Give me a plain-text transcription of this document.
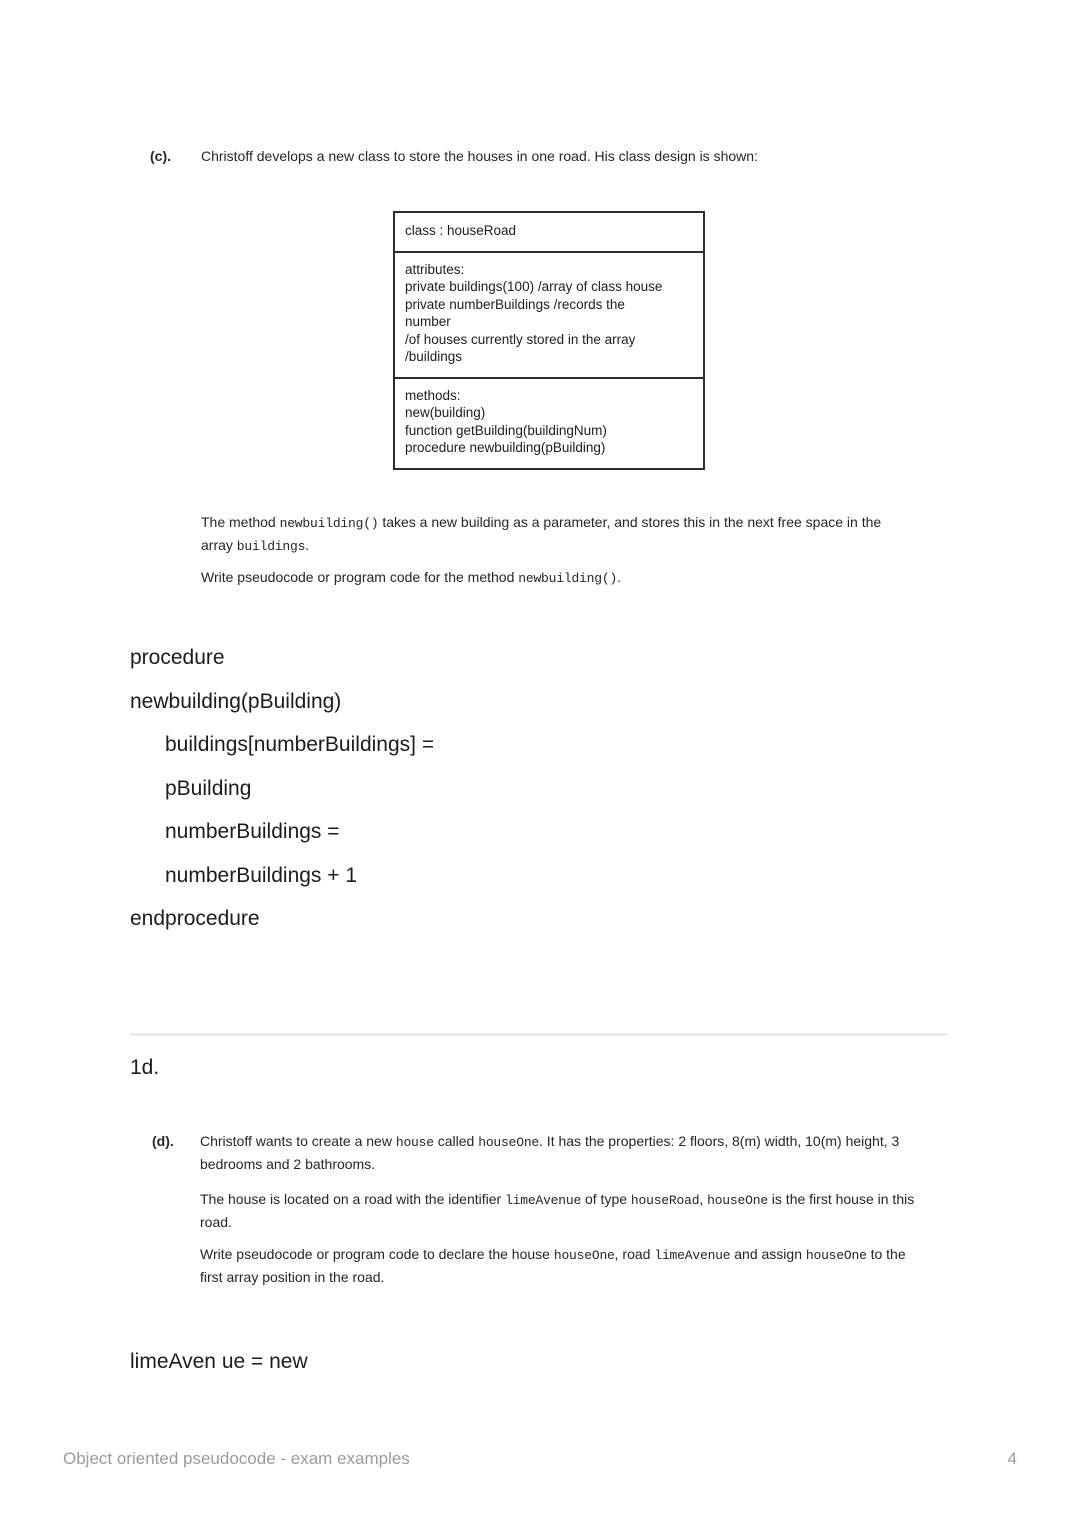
(c).	Christoff develops a new class to store the houses in one road. His class design is shown:
class : houseRoad
attributes:
private buildings(100) /array of class house
private numberBuildings /records the
number
/of houses currently stored in the array
/buildings
methods:
new(building)
function getBuilding(buildingNum)
procedure newbuilding(pBuilding)
The method newbuilding() takes a new building as a parameter, and stores this in the next free space in the array buildings.
Write pseudocode or program code for the method newbuilding().
procedure
newbuilding(pBuilding)
buildings[numberBuildings] =
pBuilding
numberBuildings =
numberBuildings + 1
endprocedure
1d.
(d).	Christoff wants to create a new house called houseOne. It has the properties: 2 floors, 8(m) width, 10(m) height, 3 bedrooms and 2 bathrooms.
The house is located on a road with the identifier limeAvenue of type houseRoad, houseOne is the first house in this road.
Write pseudocode or program code to declare the house houseOne, road limeAvenue and assign houseOne to the first array position in the road.
limeAven ue = new
Object oriented pseudocode - exam examples	4
